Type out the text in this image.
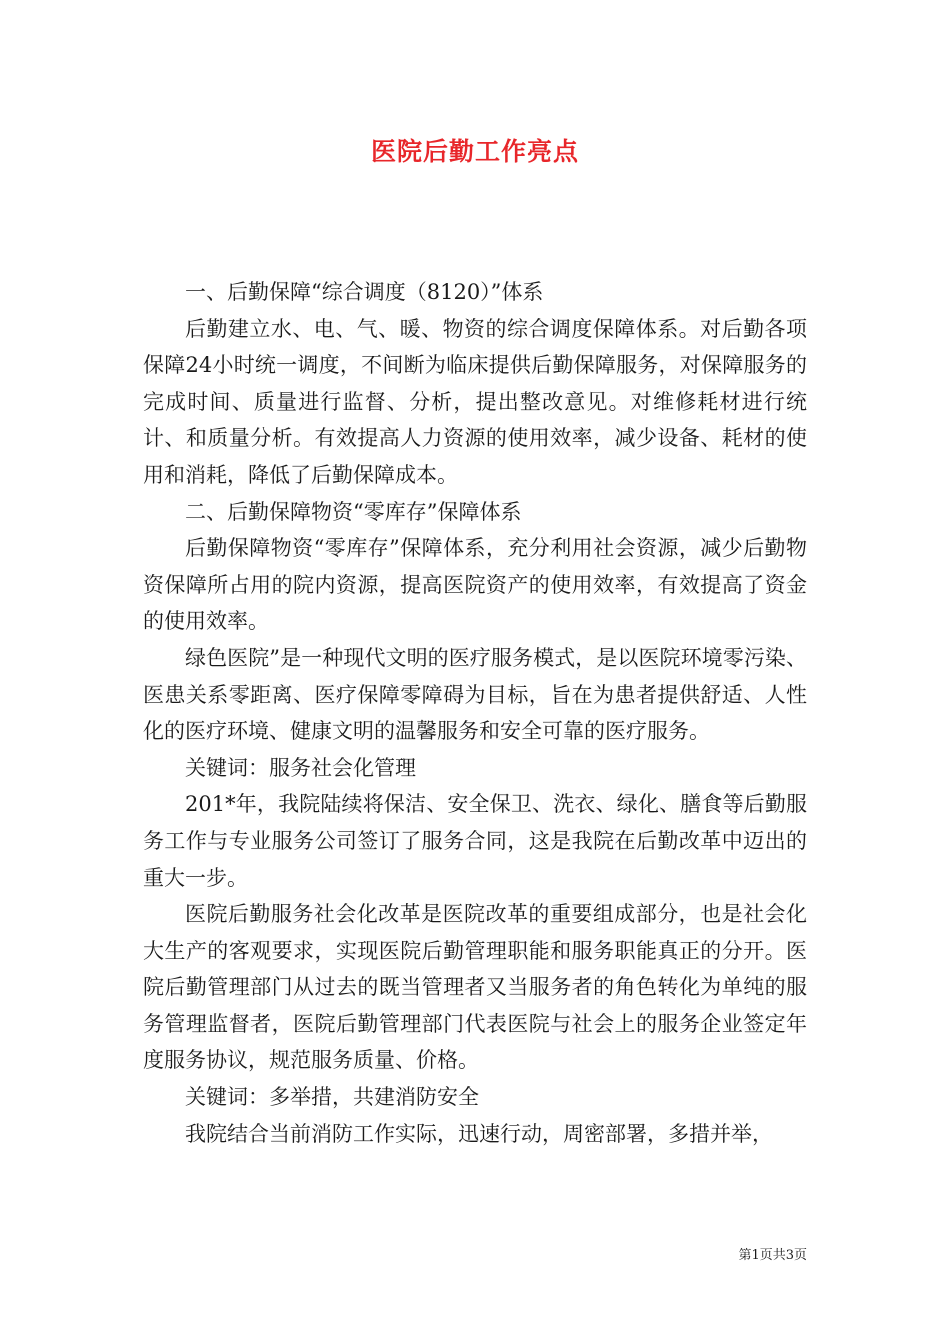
医院后勤工作亮点

一、后勤保障“综合调度（8120）”体系

后勤建立水、电、气、暖、物资的综合调度保障体系。对后勤各项保障24小时统一调度，不间断为临床提供后勤保障服务，对保障服务的完成时间、质量进行监督、分析，提出整改意见。对维修耗材进行统计、和质量分析。有效提高人力资源的使用效率，减少设备、耗材的使用和消耗，降低了后勤保障成本。

二、后勤保障物资“零库存”保障体系

后勤保障物资“零库存”保障体系，充分利用社会资源，减少后勤物资保障所占用的院内资源，提高医院资产的使用效率，有效提高了资金的使用效率。

绿色医院”是一种现代文明的医疗服务模式，是以医院环境零污染、医患关系零距离、医疗保障零障碍为目标，旨在为患者提供舒适、人性化的医疗环境、健康文明的温馨服务和安全可靠的医疗服务。

关键词：服务社会化管理

201*年，我院陆续将保洁、安全保卫、洗衣、绿化、膳食等后勤服务工作与专业服务公司签订了服务合同，这是我院在后勤改革中迈出的重大一步。

医院后勤服务社会化改革是医院改革的重要组成部分，也是社会化大生产的客观要求，实现医院后勤管理职能和服务职能真正的分开。医院后勤管理部门从过去的既当管理者又当服务者的角色转化为单纯的服务管理监督者，医院后勤管理部门代表医院与社会上的服务企业签定年度服务协议，规范服务质量、价格。

关键词：多举措，共建消防安全

我院结合当前消防工作实际，迅速行动，周密部署，多措并举，

第1页共3页
